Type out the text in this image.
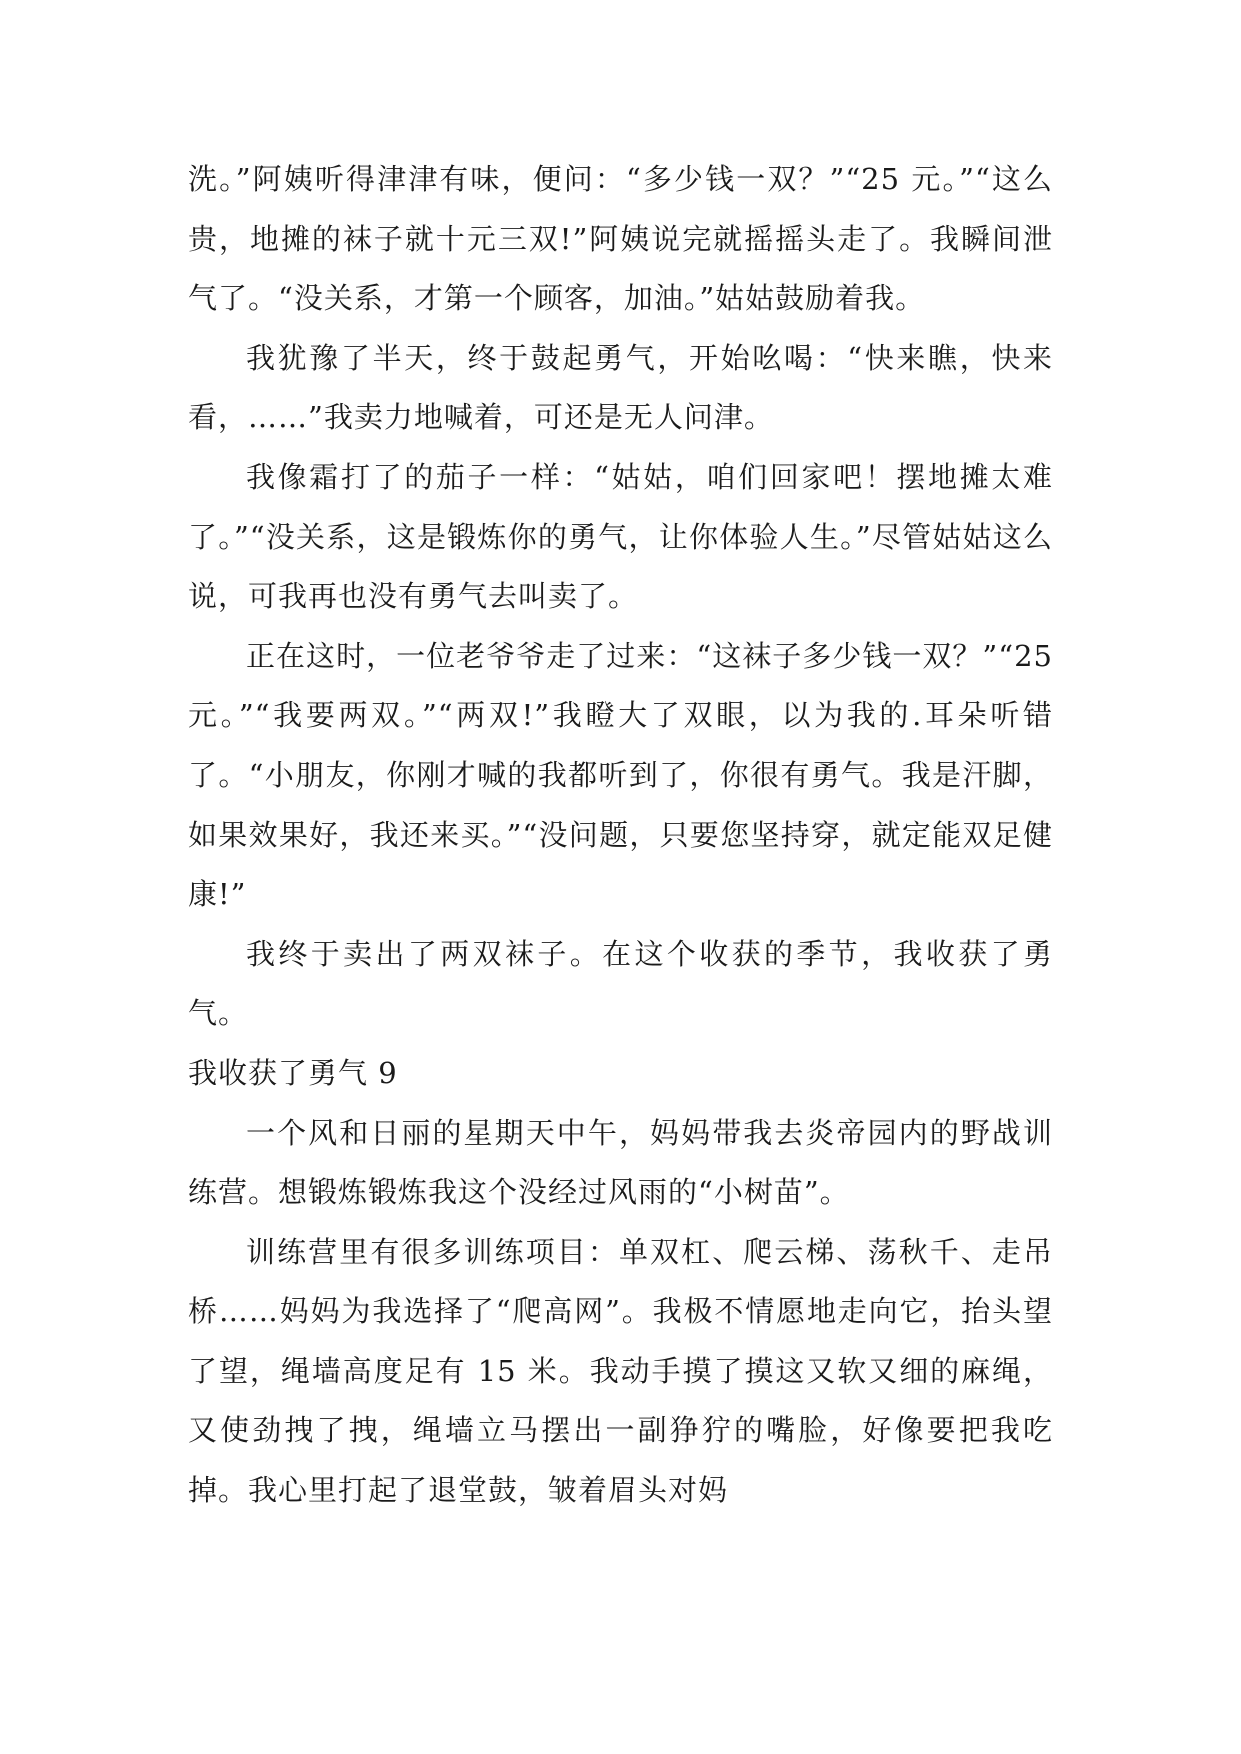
洗。”阿姨听得津津有味，便问：“多少钱一双？”“25 元。”“这么贵，地摊的袜子就十元三双!”阿姨说完就摇摇头走了。我瞬间泄气了。“没关系，才第一个顾客，加油。”姑姑鼓励着我。

我犹豫了半天，终于鼓起勇气，开始吆喝：“快来瞧，快来看，……”我卖力地喊着，可还是无人问津。

我像霜打了的茄子一样：“姑姑，咱们回家吧！摆地摊太难了。”“没关系，这是锻炼你的勇气，让你体验人生。”尽管姑姑这么说，可我再也没有勇气去叫卖了。

正在这时，一位老爷爷走了过来：“这袜子多少钱一双？”“25 元。”“我要两双。”“两双!”我瞪大了双眼，以为我的.耳朵听错了。“小朋友，你刚才喊的我都听到了，你很有勇气。我是汗脚，如果效果好，我还来买。”“没问题，只要您坚持穿，就定能双足健康!”

我终于卖出了两双袜子。在这个收获的季节，我收获了勇气。

我收获了勇气 9

一个风和日丽的星期天中午，妈妈带我去炎帝园内的野战训练营。想锻炼锻炼我这个没经过风雨的“小树苗”。

训练营里有很多训练项目：单双杠、爬云梯、荡秋千、走吊桥……妈妈为我选择了“爬高网”。我极不情愿地走向它，抬头望了望，绳墙高度足有 15 米。我动手摸了摸这又软又细的麻绳，又使劲拽了拽，绳墙立马摆出一副狰狞的嘴脸，好像要把我吃掉。我心里打起了退堂鼓，皱着眉头对妈
